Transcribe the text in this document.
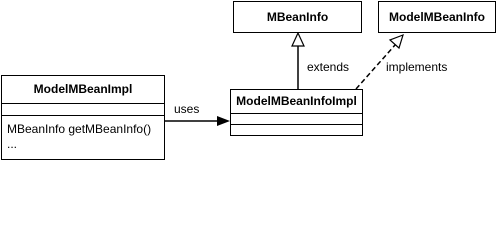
MBeanInfo	ModelMBeanInfo
ModelMBeanImpl
MBeanInfo getMBeanInfo()
...
ModelMBeanInfoImpl
uses
extends	implements
